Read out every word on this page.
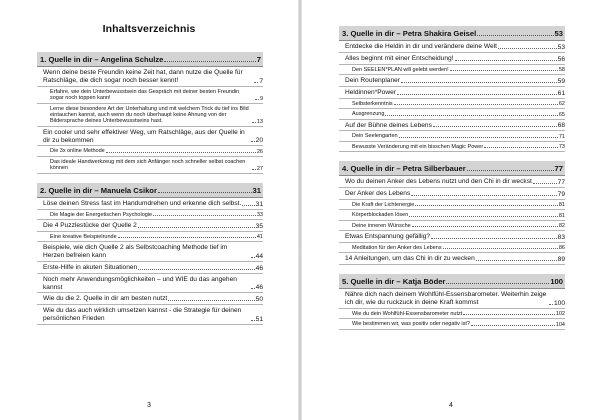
Inhaltsverzeichnis
1. Quelle in dir – Angelina Schulze	7
Wenn deine beste Freundin keine Zeit hat, dann nutze die Quelle für Ratschläge, die dich sogar noch besser kennt!	7
Erfahre, wie dein Unterbewusstsein das Gespräch mit deiner besten Freundin sogar noch toppen kann!	9
Lerne diese besondere Art der Unterhaltung und mit welchem Trick du tief ins Bild eintauchen kannst, auch wenn du noch überhaupt keine Ahnung von der Bildersprache deines Unterbewusstseins hast.	13
Ein cooler und sehr effektiver Weg, um Ratschläge, aus der Quelle in dir zu bekommen	20
Die 3x online Methode	26
Das ideale Handwerkzeug mit dem sich Anfänger noch schneller selbst coachen können	27
2. Quelle in dir – Manuela Csikor	31
Löse deinen Stress fast im Handumdrehen und erkenne dich selbst. 31
Die Magie der Energetischen Psychologie	33
Die 4 Puzzlestücke der Quelle 2	35
Eine kreative Beispielrunde	41
Beispiele, wie dich Quelle 2 als Selbstcoaching Methode tief im Herzen befreien kann	44
Erste-Hilfe in akuten Situationen	46
Noch mehr Anwendungsmöglichkeiten – und WIE du das angehen kannst	46
Wie du die 2. Quelle in dir am besten nutzt	50
Wie du das auch wirklich umsetzen kannst - die Strategie für deinen persönlichen Frieden	51
3
3. Quelle in dir – Petra Shakira Geisel	53
Entdecke die Heldin in dir und verändere deine Welt	53
Alles beginnt mit einer Entscheidung!	56
Den SEELEN*PLAN will gelebt werden!	58
Dein Routenplaner	59
Heldinnen*Power	61
Selbsterkenntnis	62
Ausgrenzung	65
Auf der Bühne deines Lebens	68
Dein Seelengarten	71
Bewusste Veränderung mit ein bisschen Magic Power	73
4. Quelle in dir – Petra Silberbauer	77
Wo du deinen Anker des Lebens nutzt und den Chi in dir weckst	77
Der Anker des Lebens	79
Die Kraft der Lichtenergie	81
Körperblockaden lösen	81
Deine inneren Wünsche	82
Etwas Entspannung gefällig?	83
Meditation für den Anker des Lebens	86
14 Anleitungen, um das Chi in dir zu wecken	89
5. Quelle in dir – Katja Böder	100
Nähre dich nach deinem Wohlfühl-Essensbarometer. Weiterhin zeige ich dir, wie du ruckzuck in deine Kraft kommst	100
Wie du dein Wohlfühl-Essensbarometer nutzt	102
Wie bestimmen wir, was positiv oder negativ ist?	104
4
